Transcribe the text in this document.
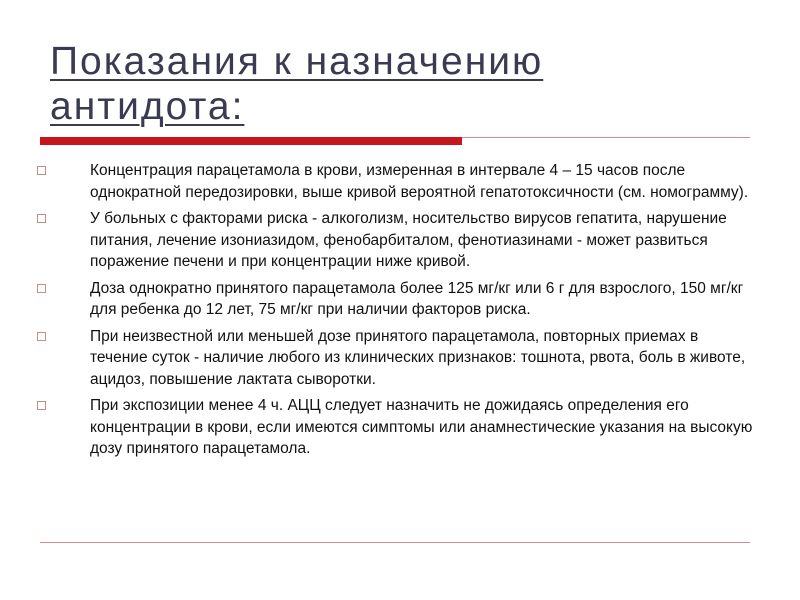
Показания к назначению антидота:
Концентрация парацетамола в крови, измеренная в интервале 4 – 15 часов после однократной передозировки, выше кривой вероятной гепатотоксичности (см. номограмму).
У больных с факторами риска - алкоголизм, носительство вирусов гепатита, нарушение питания, лечение изониазидом, фенобарбиталом, фенотиазинами - может развиться поражение печени и при концентрации ниже кривой.
Доза однократно принятого парацетамола более 125 мг/кг или 6 г для взрослого, 150 мг/кг для ребенка до 12 лет, 75 мг/кг при наличии факторов риска.
При неизвестной или меньшей дозе принятого парацетамола, повторных приемах в течение суток - наличие любого из клинических признаков: тошнота, рвота, боль в животе, ацидоз, повышение лактата сыворотки.
При экспозиции менее 4 ч. АЦЦ следует назначить не дожидаясь определения его концентрации в крови, если имеются симптомы или анамнестические указания на высокую дозу принятого парацетамола.
